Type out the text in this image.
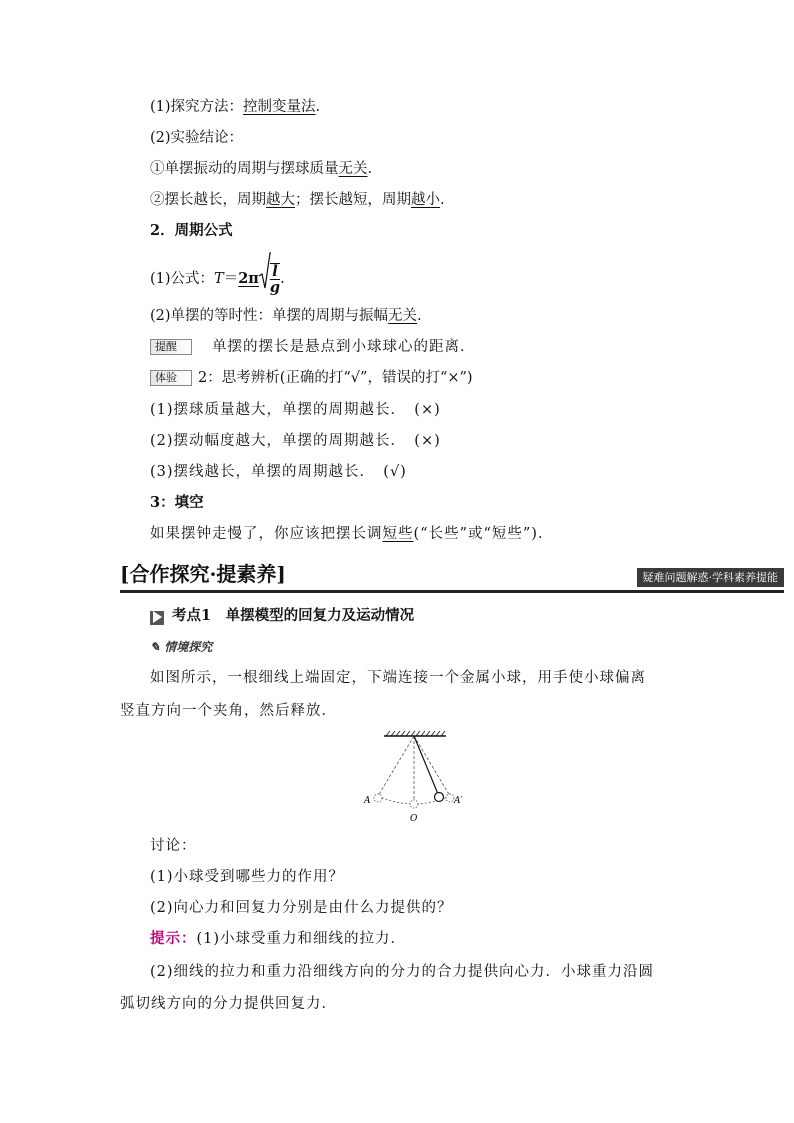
(1)探究方法：控制变量法.
(2)实验结论：
①单摆振动的周期与摆球质量无关.
②摆长越长，周期越大；摆长越短，周期越小.
2．周期公式
(1)公式：$T=2\pi \frac{l}{g}$ .
(2)单摆的等时性：单摆的周期与振幅无关.
提醒 单摆的摆长是悬点到小球球心的距离．
体验 2：思考辨析(正确的打“√”，错误的打“×”)
(1)摆球质量越大，单摆的周期越长．　(×)
(2)摆动幅度越大，单摆的周期越长．　(×)
(3)摆线越长，单摆的周期越长．　(√)
3：填空
如果摆钟走慢了，你应该把摆长调短些(“长些”或“短些”)．
[合作探究·提素养]	疑难问题解惑·学科素养提能
考点1　单摆模型的回复力及运动情况
✎ 情境探究
如图所示，一根细线上端固定，下端连接一个金属小球，用手使小球偏离
竖直方向一个夹角，然后释放．
A	A′
O
讨论：
(1)小球受到哪些力的作用？
(2)向心力和回复力分别是由什么力提供的？
提示：(1)小球受重力和细线的拉力．
(2)细线的拉力和重力沿细线方向的分力的合力提供向心力．小球重力沿圆
弧切线方向的分力提供回复力．
